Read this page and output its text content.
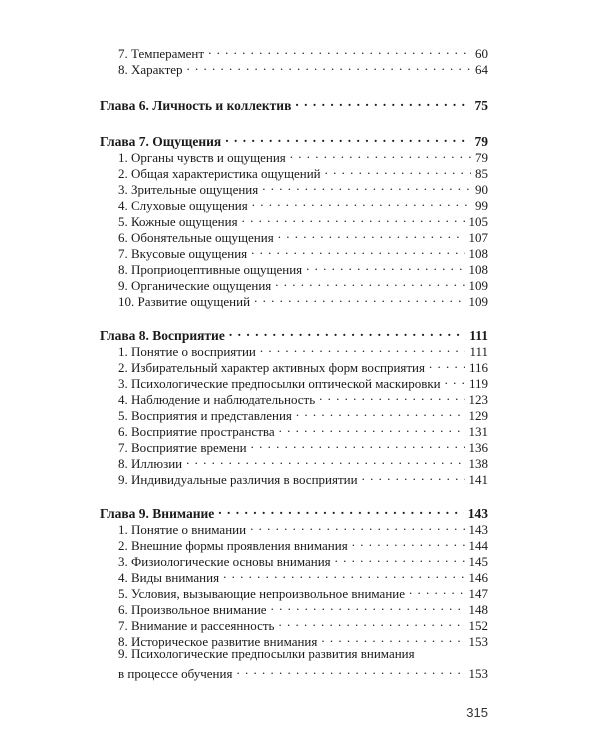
7. Темперамент . . .	60
8. Характер . . .	64
Глава 6. Личность и коллектив . . .	75
Глава 7. Ощущения . . .	79
1. Органы чувств и ощущения . . .	79
2. Общая характеристика ощущений . . .	85
3. Зрительные ощущения . . .	90
4. Слуховые ощущения . . .	99
5. Кожные ощущения . . .	105
6. Обонятельные ощущения . . .	107
7. Вкусовые ощущения . . .	108
8. Проприоцептивные ощущения . . .	108
9. Органические ощущения . . .	109
10. Развитие ощущений . . .	109
Глава 8. Восприятие . . .	111
1. Понятие о восприятии . . .	111
2. Избирательный характер активных форм восприятия . . .	116
3. Психологические предпосылки оптической маскировки . . . 119
4. Наблюдение и наблюдательность . . .	123
5. Восприятия и представления . . .	129
6. Восприятие пространства . . .	131
7. Восприятие времени . . .	136
8. Иллюзии . . .	138
9. Индивидуальные различия в восприятии . . .	141
Глава 9. Внимание . . .	143
1. Понятие о внимании . . .	143
2. Внешние формы проявления внимания . . .	144
3. Физиологические основы внимания . . .	145
4. Виды внимания . . .	146
5. Условия, вызывающие непроизвольное внимание . . .	147
6. Произвольное внимание . . .	148
7. Внимание и рассеянность . . .	152
8. Историческое развитие внимания . . .	153
9. Психологические предпосылки развития внимания
в процессе обучения . . .	153
315
